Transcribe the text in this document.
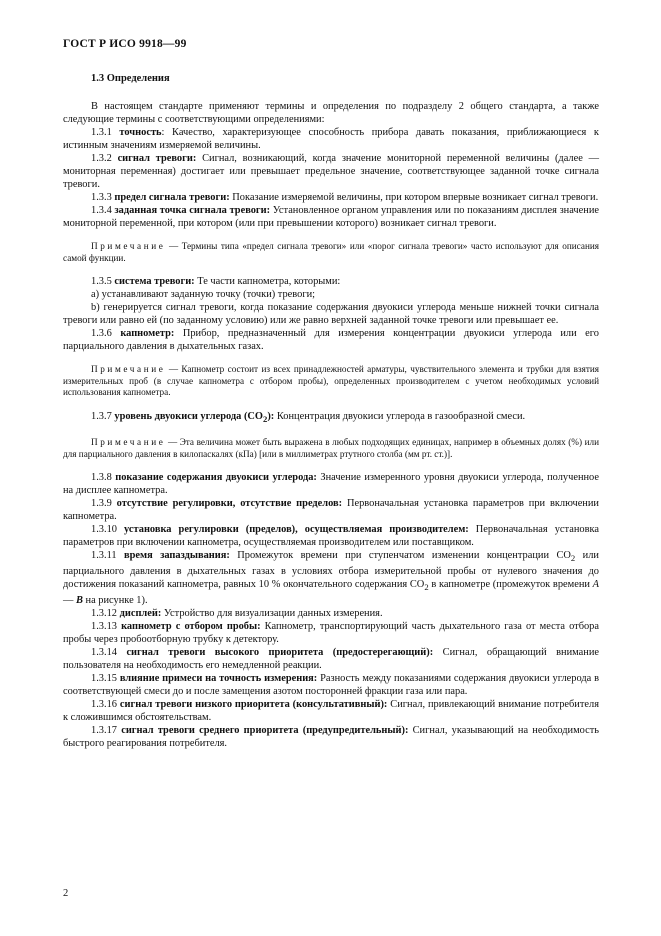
ГОСТ Р ИСО 9918—99
1.3 Определения

В настоящем стандарте применяют термины и определения по подразделу 2 общего стандарта, а также следующие термины с соответствующими определениями:

1.3.1 точность: Качество, характеризующее способность прибора давать показания, приближающиеся к истинным значениям измеряемой величины.

1.3.2 сигнал тревоги: Сигнал, возникающий, когда значение мониторной переменной величины (далее — мониторная переменная) достигает или превышает предельное значение, соответствующее заданной точке сигнала тревоги.

1.3.3 предел сигнала тревоги: Показание измеряемой величины, при котором впервые возникает сигнал тревоги.

1.3.4 заданная точка сигнала тревоги: Установленное органом управления или по показаниям дисплея значение мониторной переменной, при котором (или при превышении которого) возникает сигнал тревоги.

Примечание — Термины типа «предел сигнала тревоги» или «порог сигнала тревоги» часто используют для описания самой функции.

1.3.5 система тревоги: Те части капнометра, которыми:

а) устанавливают заданную точку (точки) тревоги;

b) генерируется сигнал тревоги, когда показание содержания двуокиси углерода меньше нижней точки сигнала тревоги или равно ей (по заданному условию) или же равно верхней заданной точке тревоги или превышает ее.

1.3.6 капнометр: Прибор, предназначенный для измерения концентрации двуокиси углерода или его парциального давления в дыхательных газах.

Примечание — Капнометр состоит из всех принадлежностей арматуры, чувствительного элемента и трубки для взятия измерительных проб (в случае капнометра с отбором пробы), определенных производителем с учетом необходимых условий использования капнометра.

1.3.7 уровень двуокиси углерода $(CO_2)$: Концентрация двуокиси углерода в газообразной смеси.

Примечание — Эта величина может быть выражена в любых подходящих единицах, например в объемных долях (%) или для парциального давления в килопаскалях (кПа) [или в миллиметрах ртутного столба (мм рт. ст.)].

1.3.8 показание содержания двуокиси углерода: Значение измеренного уровня двуокиси углерода, полученное на дисплее капнометра.

1.3.9 отсутствие регулировки, отсутствие пределов: Первоначальная установка параметров при включении капнометра.

1.3.10 установка регулировки (пределов), осуществляемая производителем: Первоначальная установка параметров при включении капнометра, осуществляемая производителем или поставщиком.

1.3.11 время запаздывания: Промежуток времени при ступенчатом изменении концентрации $CO_2$ или парциального давления в дыхательных газах в условиях отбора измерительной пробы от нулевого значения до достижения показаний капнометра, равных 10 % окончательного содержания $CO_2$ в капнометре (промежуток времени A — B на рисунке 1).

1.3.12 дисплей: Устройство для визуализации данных измерения.

1.3.13 капнометр с отбором пробы: Капнометр, транспортирующий часть дыхательного газа от места отбора пробы через пробоотборную трубку к детектору.

1.3.14 сигнал тревоги высокого приоритета (предостерегающий): Сигнал, обращающий внимание пользователя на необходимость его немедленной реакции.

1.3.15 влияние примеси на точность измерения: Разность между показаниями содержания двуокиси углерода в соответствующей смеси до и после замещения азотом посторонней фракции газа или пара.

1.3.16 сигнал тревоги низкого приоритета (консультативный): Сигнал, привлекающий внимание потребителя к сложившимся обстоятельствам.

1.3.17 сигнал тревоги среднего приоритета (предупредительный): Сигнал, указывающий на необходимость быстрого реагирования потребителя.

2
